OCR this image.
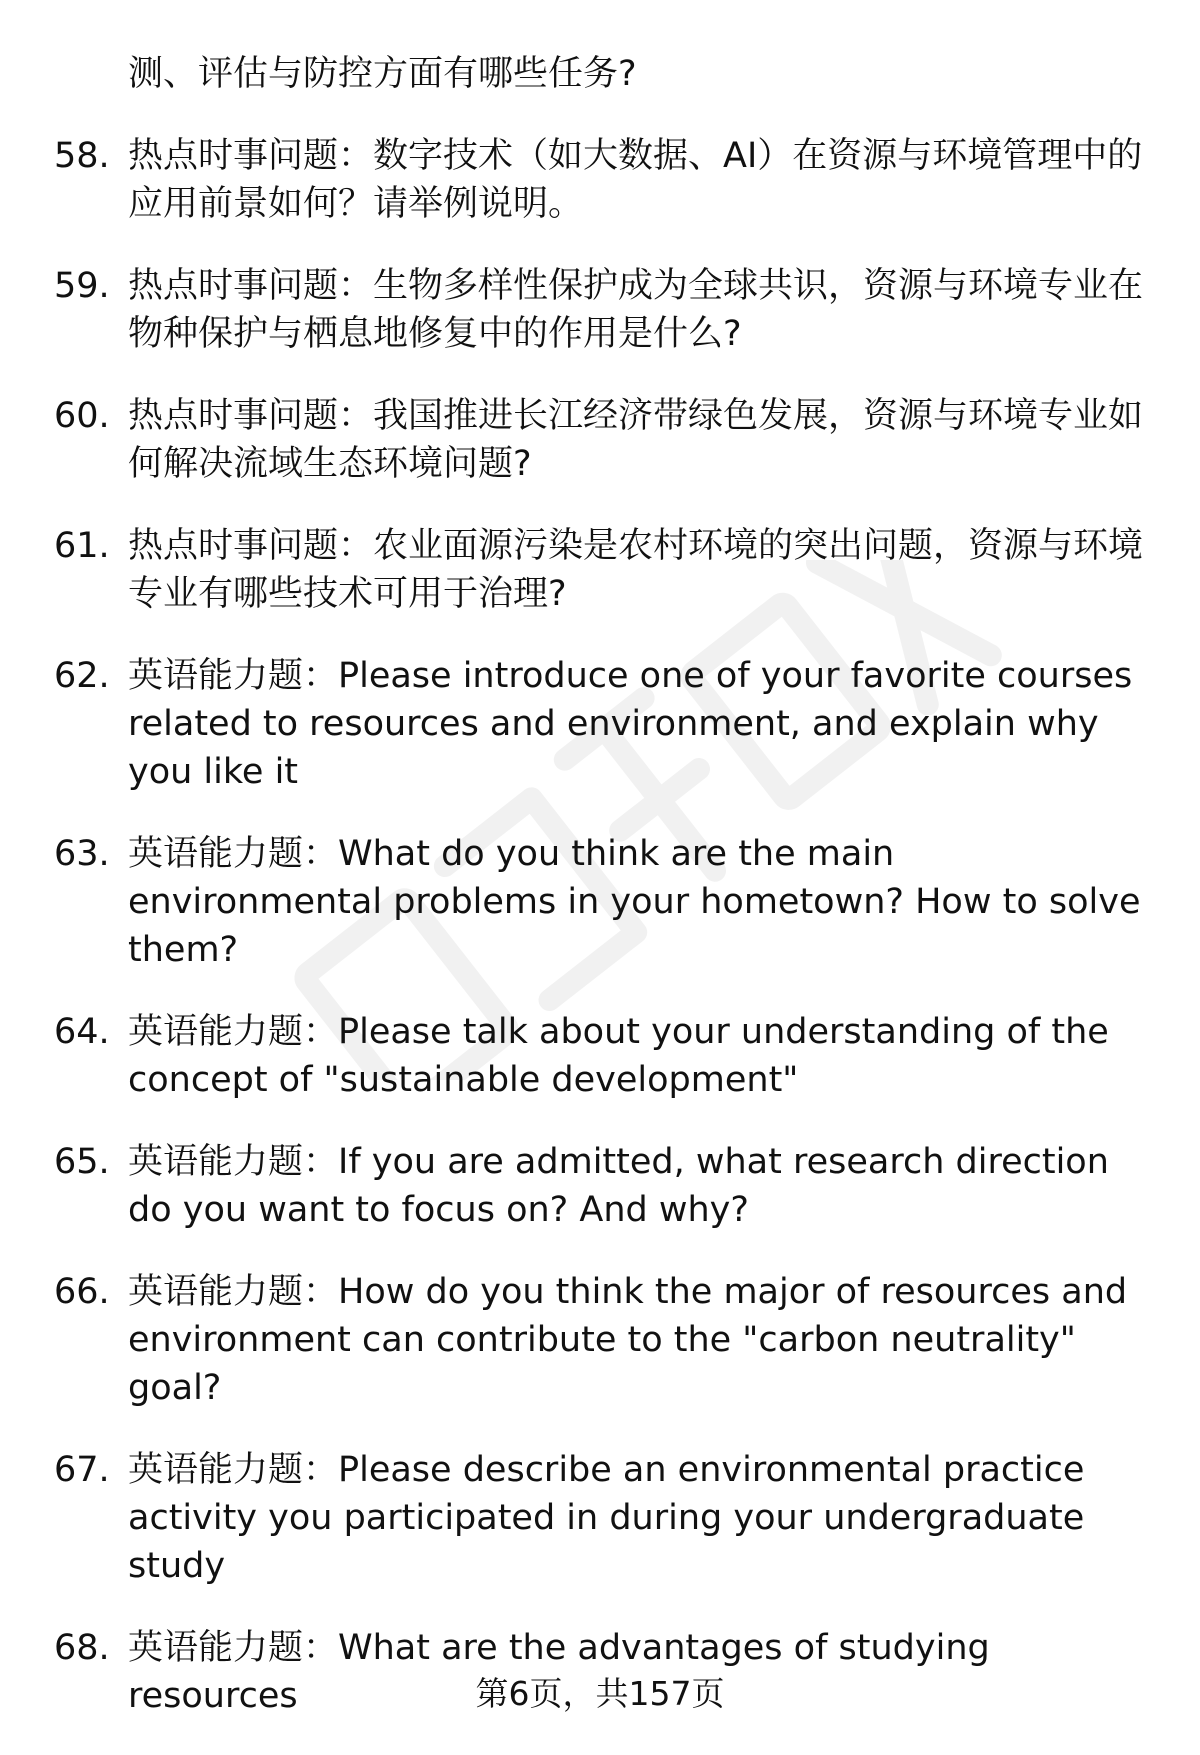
测、评估与防控方面有哪些任务?
58. 热点时事问题：数字技术（如大数据、AI）在资源与环境管理中的应用前景如何？请举例说明。
59. 热点时事问题：生物多样性保护成为全球共识，资源与环境专业在物种保护与栖息地修复中的作用是什么?
60. 热点时事问题：我国推进长江经济带绿色发展，资源与环境专业如何解决流域生态环境问题?
61. 热点时事问题：农业面源污染是农村环境的突出问题，资源与环境专业有哪些技术可用于治理?
62. 英语能力题：Please introduce one of your favorite courses related to resources and environment, and explain why you like it
63. 英语能力题：What do you think are the main environmental problems in your hometown? How to solve them?
64. 英语能力题：Please talk about your understanding of the concept of "sustainable development"
65. 英语能力题：If you are admitted, what research direction do you want to focus on? And why?
66. 英语能力题：How do you think the major of resources and environment can contribute to the "carbon neutrality" goal?
67. 英语能力题：Please describe an environmental practice activity you participated in during your undergraduate study
68. 英语能力题：What are the advantages of studying resources	第6页，共157页
